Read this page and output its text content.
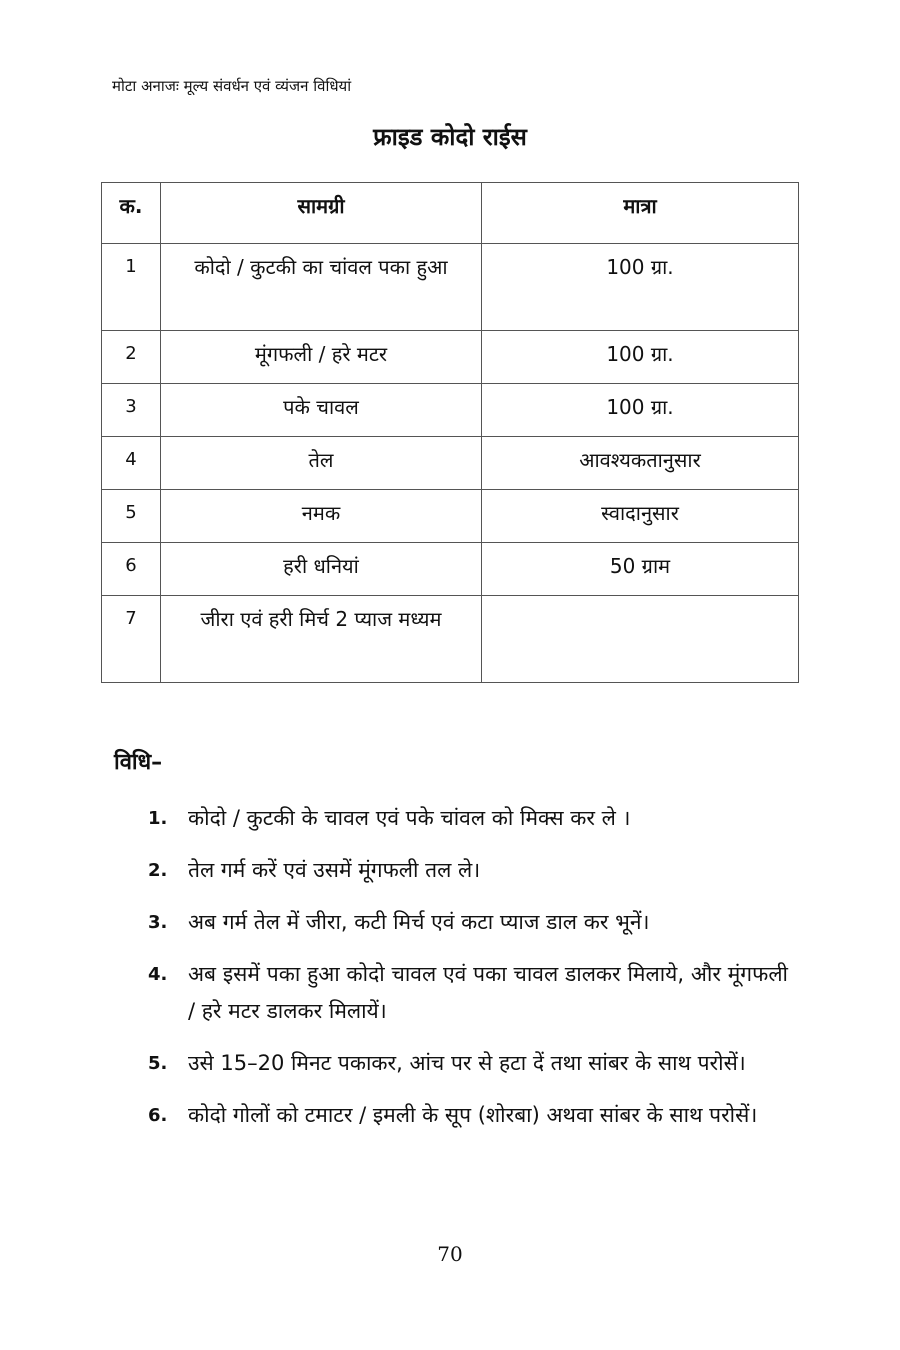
मोटा अनाजः मूल्य संवर्धन एवं व्यंजन विधियां
फ्राइड कोदो राईस
क.	सामग्री	मात्रा
1	कोदो / कुटकी का चांवल पका हुआ	100 ग्रा.
2	मूंगफली / हरे मटर	100 ग्रा.
3	पके चावल	100 ग्रा.
4	तेल	आवश्यकतानुसार
5	नमक	स्वादानुसार
6	हरी धनियां	50 ग्राम
7	जीरा एवं हरी मिर्च 2 प्याज मध्यम	
विधि–
1. कोदो / कुटकी के चावल एवं पके चांवल को मिक्स कर ले ।
2. तेल गर्म करें एवं उसमें मूंगफली तल ले।
3. अब गर्म तेल में जीरा, कटी मिर्च एवं कटा प्याज डाल कर भूनें।
4. अब इसमें पका हुआ कोदो चावल एवं पका चावल डालकर मिलाये, और मूंगफली / हरे मटर डालकर मिलायें।
5. उसे 15–20 मिनट पकाकर, आंच पर से हटा दें तथा सांबर के साथ परोसें।
6. कोदो गोलों को टमाटर / इमली के सूप (शोरबा) अथवा सांबर के साथ परोसें।
70
